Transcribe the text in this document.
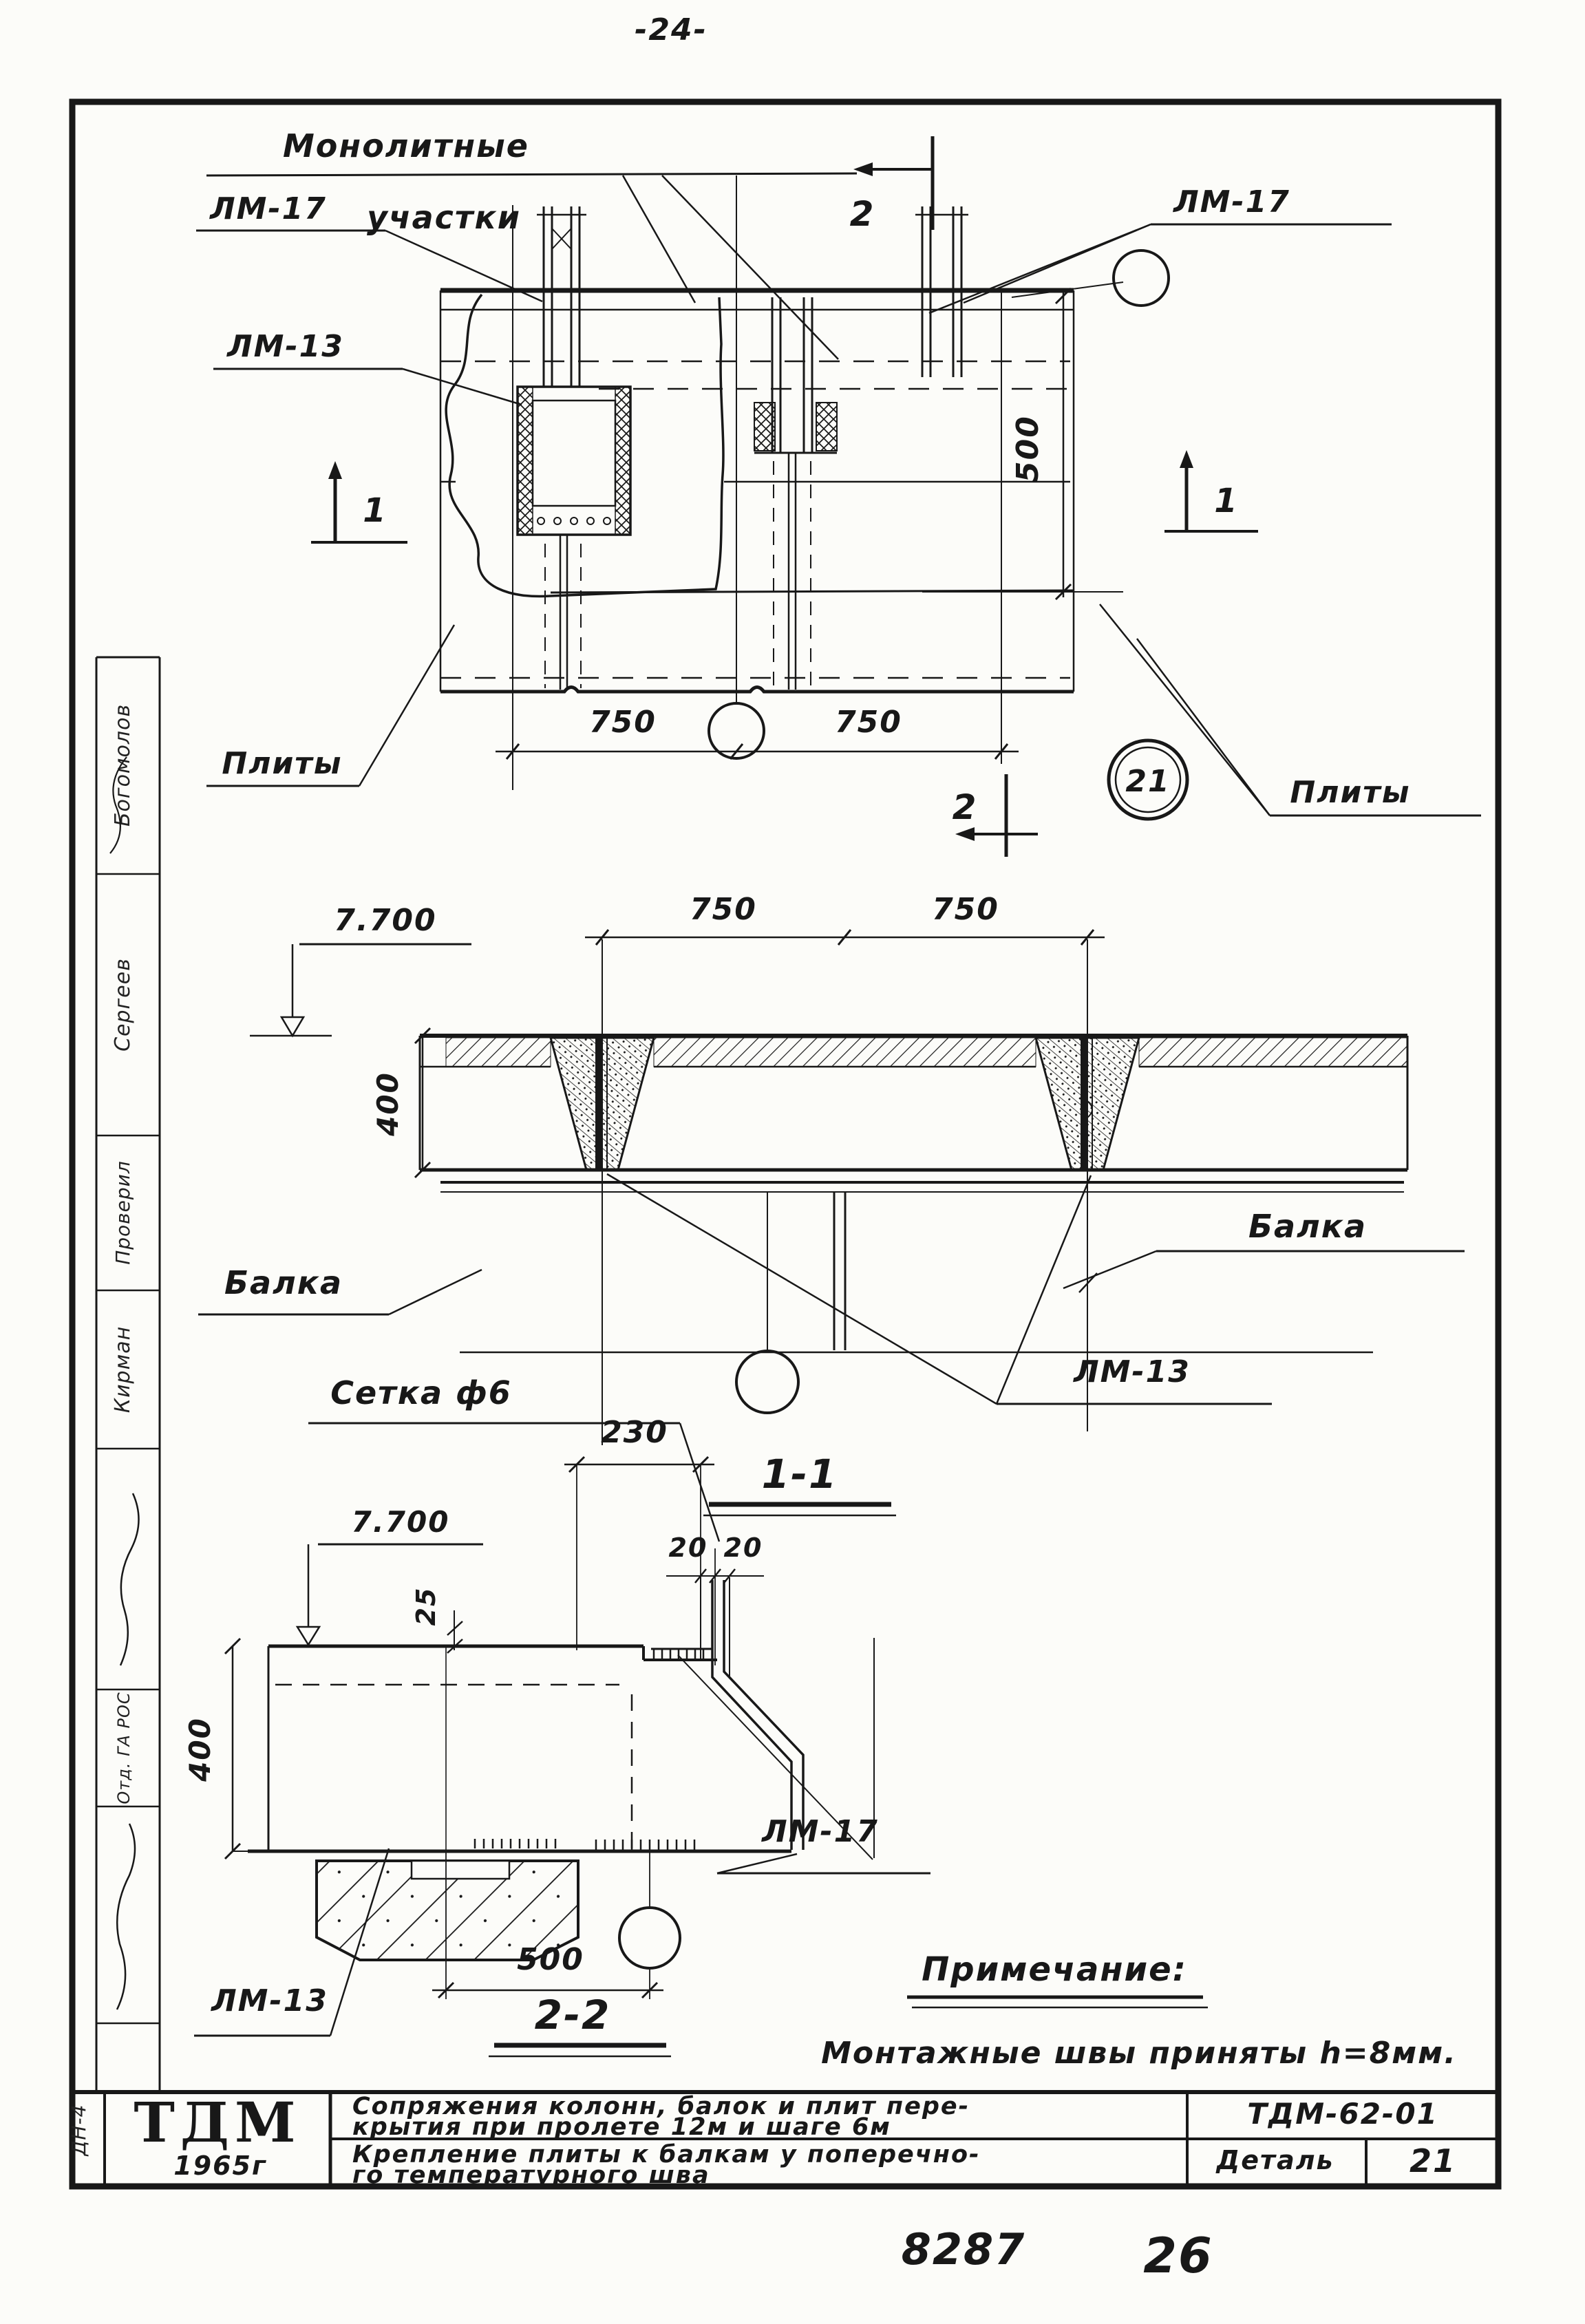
-24-
Богомолов
Сергеев
Проверил
Кирман
Отд. ГА РОС
ДН-4
Монолитные
участки
ЛМ-17
ЛМ-13
ЛМ-17
500
21
2
2
1	1
750	750
Плиты
Плиты
750	750
7.700
400
Балка
Балка
ЛМ-13
1-1
Сетка ф6
230
20 20
7.700
25
400
500
ЛМ-17
ЛМ-13	2-2
Примечание:
Монтажные швы приняты h=8мм.
ТДМ
1965г
Сопряжения колонн, балок и плит пере-
крытия при пролете 12м и шаге 6м	ТДМ-62-01
Крепление плиты к балкам у поперечно-
го температурного шва	Деталь 21
8287 26
